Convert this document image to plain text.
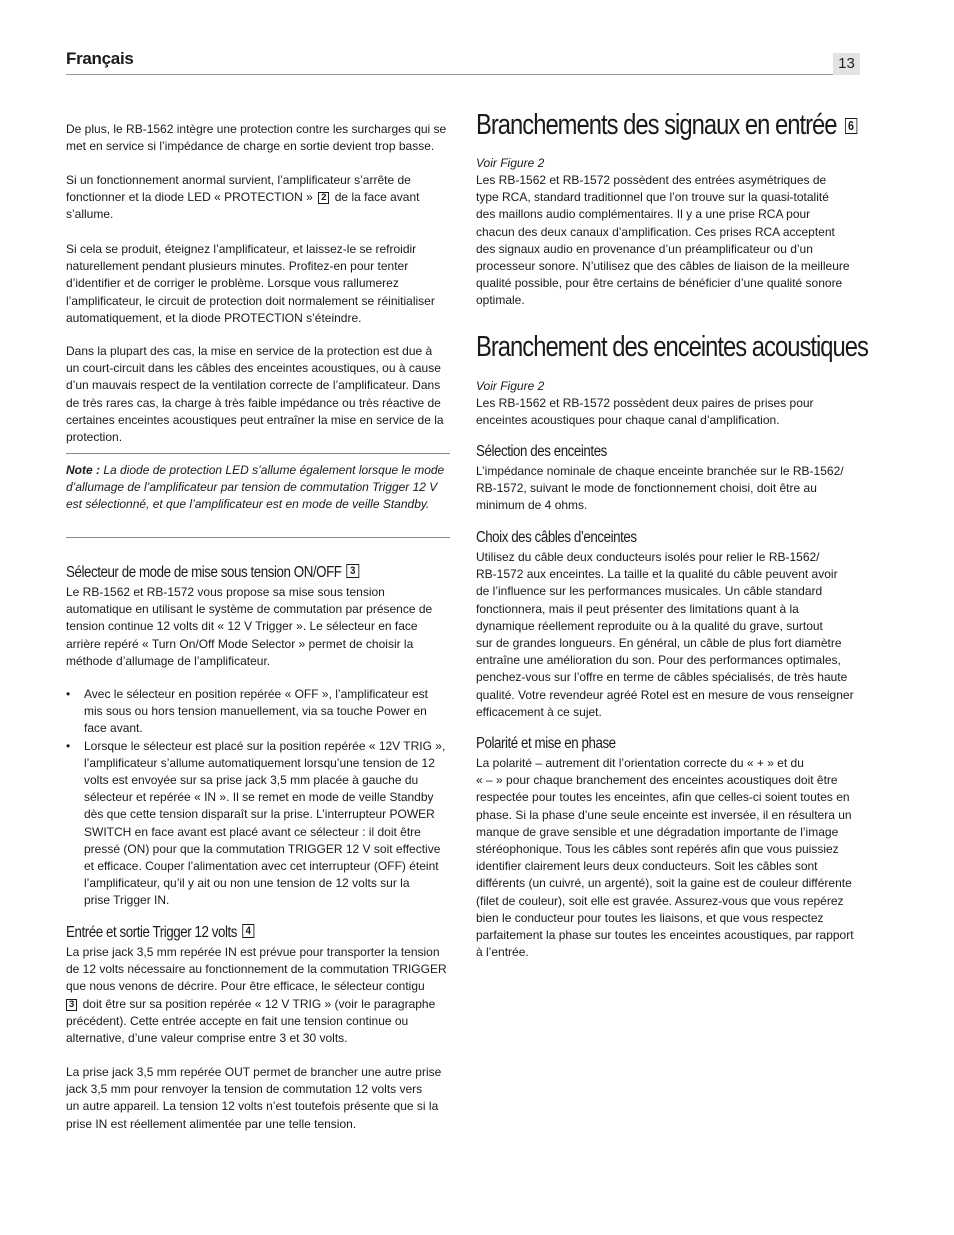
Français	13

De plus, le RB-1562 intègre une protection contre les surcharges qui se
met en service si l’impédance de charge en sortie devient trop basse.

Si un fonctionnement anormal survient, l’amplificateur s’arrête de
fonctionner et la diode LED « PROTECTION » 2 de la face avant
s’allume.

Si cela se produit, éteignez l’amplificateur, et laissez-le se refroidir
naturellement pendant plusieurs minutes. Profitez-en pour tenter
d’identifier et de corriger le problème. Lorsque vous rallumerez
l’amplificateur, le circuit de protection doit normalement se réinitialiser
automatiquement, et la diode PROTECTION s’éteindre.

Dans la plupart des cas, la mise en service de la protection est due à
un court-circuit dans les câbles des enceintes acoustiques, ou à cause
d’un mauvais respect de la ventilation correcte de l’amplificateur. Dans
de très rares cas, la charge à très faible impédance ou très réactive de
certaines enceintes acoustiques peut entraîner la mise en service de la
protection.

Note : La diode de protection LED s’allume également lorsque le mode d’allumage de l’amplificateur par tension de commutation Trigger 12 V est sélectionné, et que l’amplificateur est en mode de veille Standby.

Sélecteur de mode de mise sous tension ON/OFF 3

Le RB-1562 et RB-1572 vous propose sa mise sous tension
automatique en utilisant le système de commutation par présence de
tension continue 12 volts dit « 12 V Trigger ». Le sélecteur en face
arrière repéré « Turn On/Off Mode Selector » permet de choisir la
méthode d’allumage de l’amplificateur.

• Avec le sélecteur en position repérée « OFF », l’amplificateur est
mis sous ou hors tension manuellement, via sa touche Power en
face avant.
• Lorsque le sélecteur est placé sur la position repérée « 12V TRIG »,
l’amplificateur s’allume automatiquement lorsqu’une tension de 12
volts est envoyée sur sa prise jack 3,5 mm placée à gauche du
sélecteur et repérée « IN ». Il se remet en mode de veille Standby
dès que cette tension disparaît sur la prise. L’interrupteur POWER
SWITCH en face avant est placé avant ce sélecteur : il doit être
pressé (ON) pour que la commutation TRIGGER 12 V soit effective
et efficace. Couper l’alimentation avec cet interrupteur (OFF) éteint
l’amplificateur, qu’il y ait ou non une tension de 12 volts sur la
prise Trigger IN.
Entrée et sortie Trigger 12 volts 4

La prise jack 3,5 mm repérée IN est prévue pour transporter la tension
de 12 volts nécessaire au fonctionnement de la commutation TRIGGER
que nous venons de décrire. Pour être efficace, le sélecteur contigu
3 doit être sur sa position repérée « 12 V TRIG » (voir le paragraphe
précédent). Cette entrée accepte en fait une tension continue ou
alternative, d’une valeur comprise entre 3 et 30 volts.

La prise jack 3,5 mm repérée OUT permet de brancher une autre prise
jack 3,5 mm pour renvoyer la tension de commutation 12 volts vers
un autre appareil. La tension 12 volts n’est toutefois présente que si la
prise IN est réellement alimentée par une telle tension.

Branchements des signaux en entrée 6

Voir Figure 2

Les RB-1562 et RB-1572 possèdent des entrées asymétriques de
type RCA, standard traditionnel que l’on trouve sur la quasi-totalité
des maillons audio complémentaires. Il y a une prise RCA pour
chacun des deux canaux d’amplification. Ces prises RCA acceptent
des signaux audio en provenance d’un préamplificateur ou d’un
processeur sonore. N’utilisez que des câbles de liaison de la meilleure
qualité possible, pour être certains de bénéficier d’une qualité sonore
optimale.

Branchement des enceintes acoustiques

Voir Figure 2

Les RB-1562 et RB-1572 possèdent deux paires de prises pour
enceintes acoustiques pour chaque canal d’amplification.

Sélection des enceintes

L’impédance nominale de chaque enceinte branchée sur le RB-1562/
RB-1572, suivant le mode de fonctionnement choisi, doit être au
minimum de 4 ohms.

Choix des câbles d’enceintes

Utilisez du câble deux conducteurs isolés pour relier le RB-1562/
RB-1572 aux enceintes. La taille et la qualité du câble peuvent avoir
de l’influence sur les performances musicales. Un câble standard
fonctionnera, mais il peut présenter des limitations quant à la
dynamique réellement reproduite ou à la qualité du grave, surtout
sur de grandes longueurs. En général, un câble de plus fort diamètre
entraîne une amélioration du son. Pour des performances optimales,
penchez-vous sur l’offre en terme de câbles spécialisés, de très haute
qualité. Votre revendeur agréé Rotel est en mesure de vous renseigner
efficacement à ce sujet.

Polarité et mise en phase

La polarité – autrement dit l’orientation correcte du « + » et du
« – » pour chaque branchement des enceintes acoustiques doit être
respectée pour toutes les enceintes, afin que celles-ci soient toutes en
phase. Si la phase d’une seule enceinte est inversée, il en résultera un
manque de grave sensible et une dégradation importante de l’image
stéréophonique. Tous les câbles sont repérés afin que vous puissiez
identifier clairement leurs deux conducteurs. Soit les câbles sont
différents (un cuivré, un argenté), soit la gaine est de couleur différente
(filet de couleur), soit elle est gravée. Assurez-vous que vous repérez
bien le conducteur pour toutes les liaisons, et que vous respectez
parfaitement la phase sur toutes les enceintes acoustiques, par rapport
à l’entrée.
